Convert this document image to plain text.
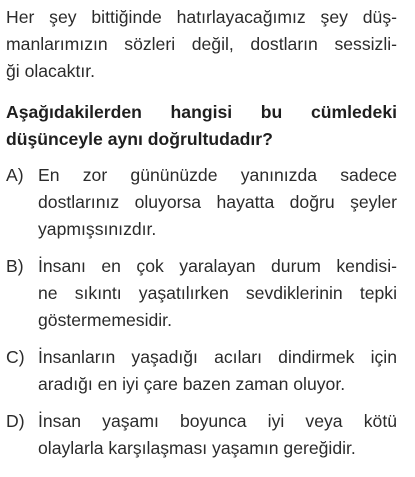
Her şey bittiğinde hatırlayacağımız şey düş-
manlarımızın sözleri değil, dostların sessizli-
ği olacaktır.
Aşağıdakilerden hangisi bu cümledeki
düşünceyle aynı doğrultudadır?
A) En zor gününüzde yanınızda sadece
dostlarınız oluyorsa hayatta doğru şeyler
yapmışsınızdır.
B) İnsanı en çok yaralayan durum kendisi-
ne sıkıntı yaşatılırken sevdiklerinin tepki
göstermemesidir.
C) İnsanların yaşadığı acıları dindirmek için
aradığı en iyi çare bazen zaman oluyor.
D) İnsan yaşamı boyunca iyi veya kötü
olaylarla karşılaşması yaşamın gereğidir.
